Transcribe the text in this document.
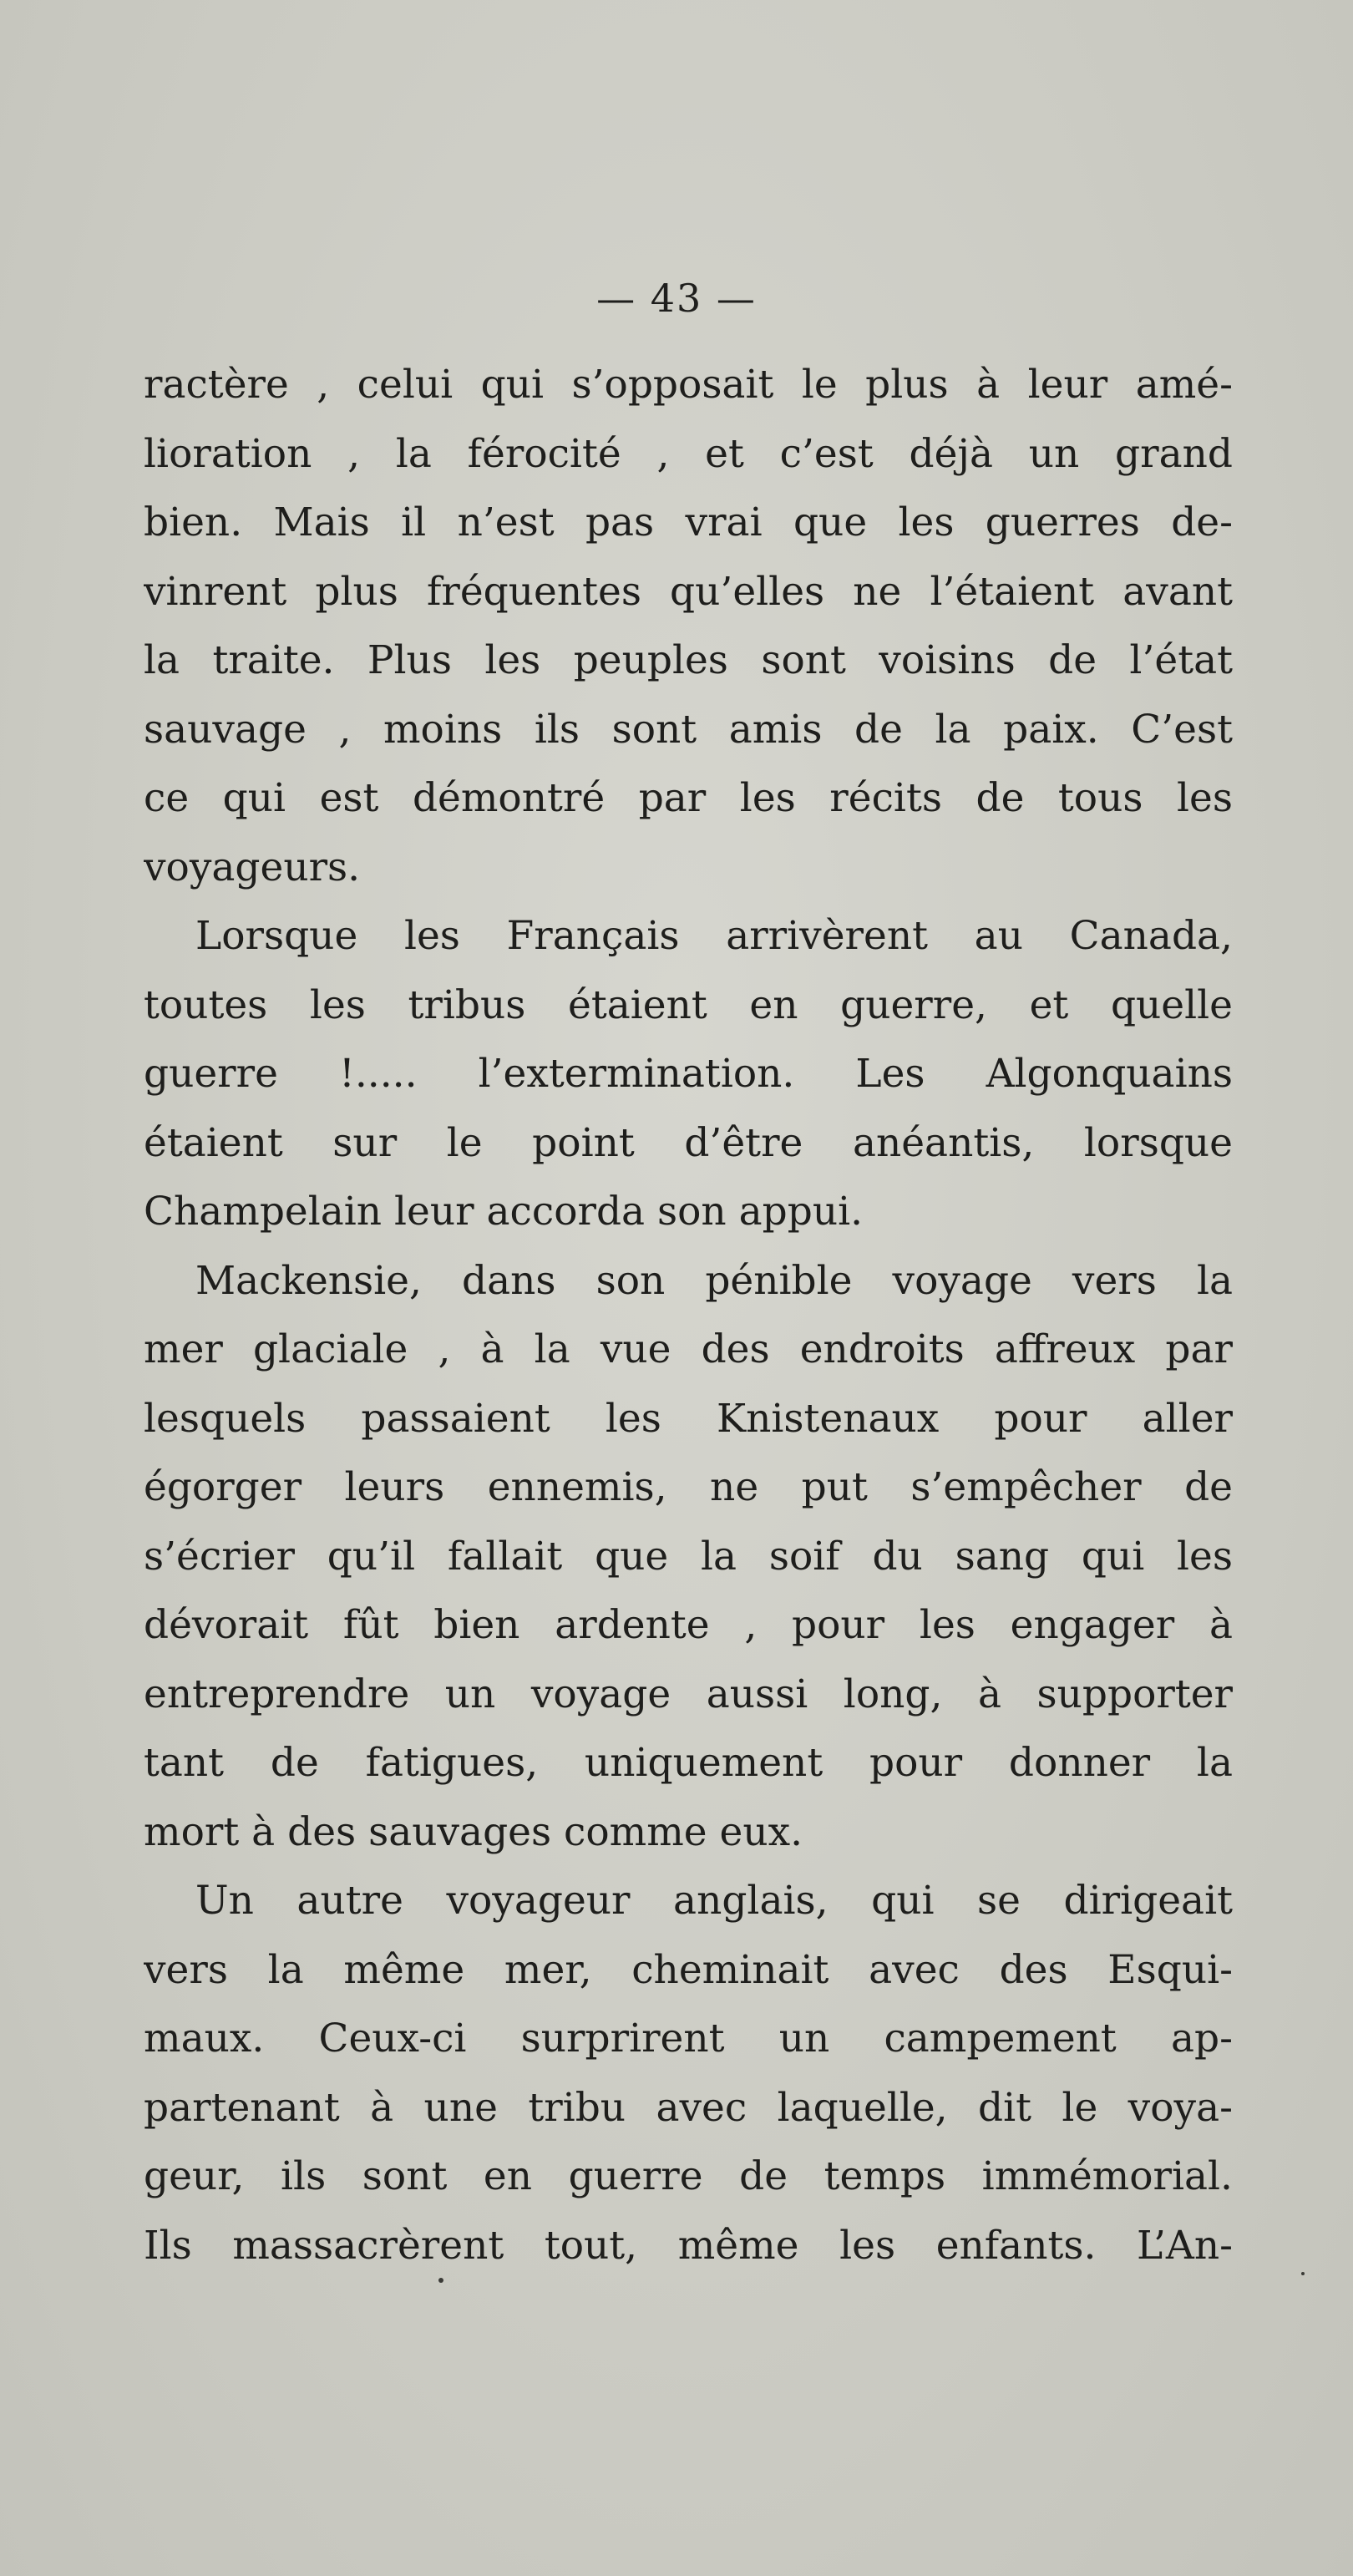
— 43 —
ractère , celui qui s’opposait le plus à leur amé-
lioration , la férocité , et c’est déjà un grand
bien. Mais il n’est pas vrai que les guerres de-
vinrent plus fréquentes qu’elles ne l’étaient avant
la traite. Plus les peuples sont voisins de l’état
sauvage , moins ils sont amis de la paix. C’est
ce qui est démontré par les récits de tous les
voyageurs.
Lorsque les Français arrivèrent au Canada,
toutes les tribus étaient en guerre, et quelle
guerre !..... l’extermination. Les Algonquains
étaient sur le point d’être anéantis, lorsque
Champelain leur accorda son appui.
Mackensie, dans son pénible voyage vers la
mer glaciale , à la vue des endroits affreux par
lesquels passaient les Knistenaux pour aller
égorger leurs ennemis, ne put s’empêcher de
s’écrier qu’il fallait que la soif du sang qui les
dévorait fût bien ardente , pour les engager à
entreprendre un voyage aussi long, à supporter
tant de fatigues, uniquement pour donner la
mort à des sauvages comme eux.
Un autre voyageur anglais, qui se dirigeait
vers la même mer, cheminait avec des Esqui-
maux. Ceux-ci surprirent un campement ap-
partenant à une tribu avec laquelle, dit le voya-
geur, ils sont en guerre de temps immémorial.
Ils massacrèrent tout, même les enfants. L’An-
